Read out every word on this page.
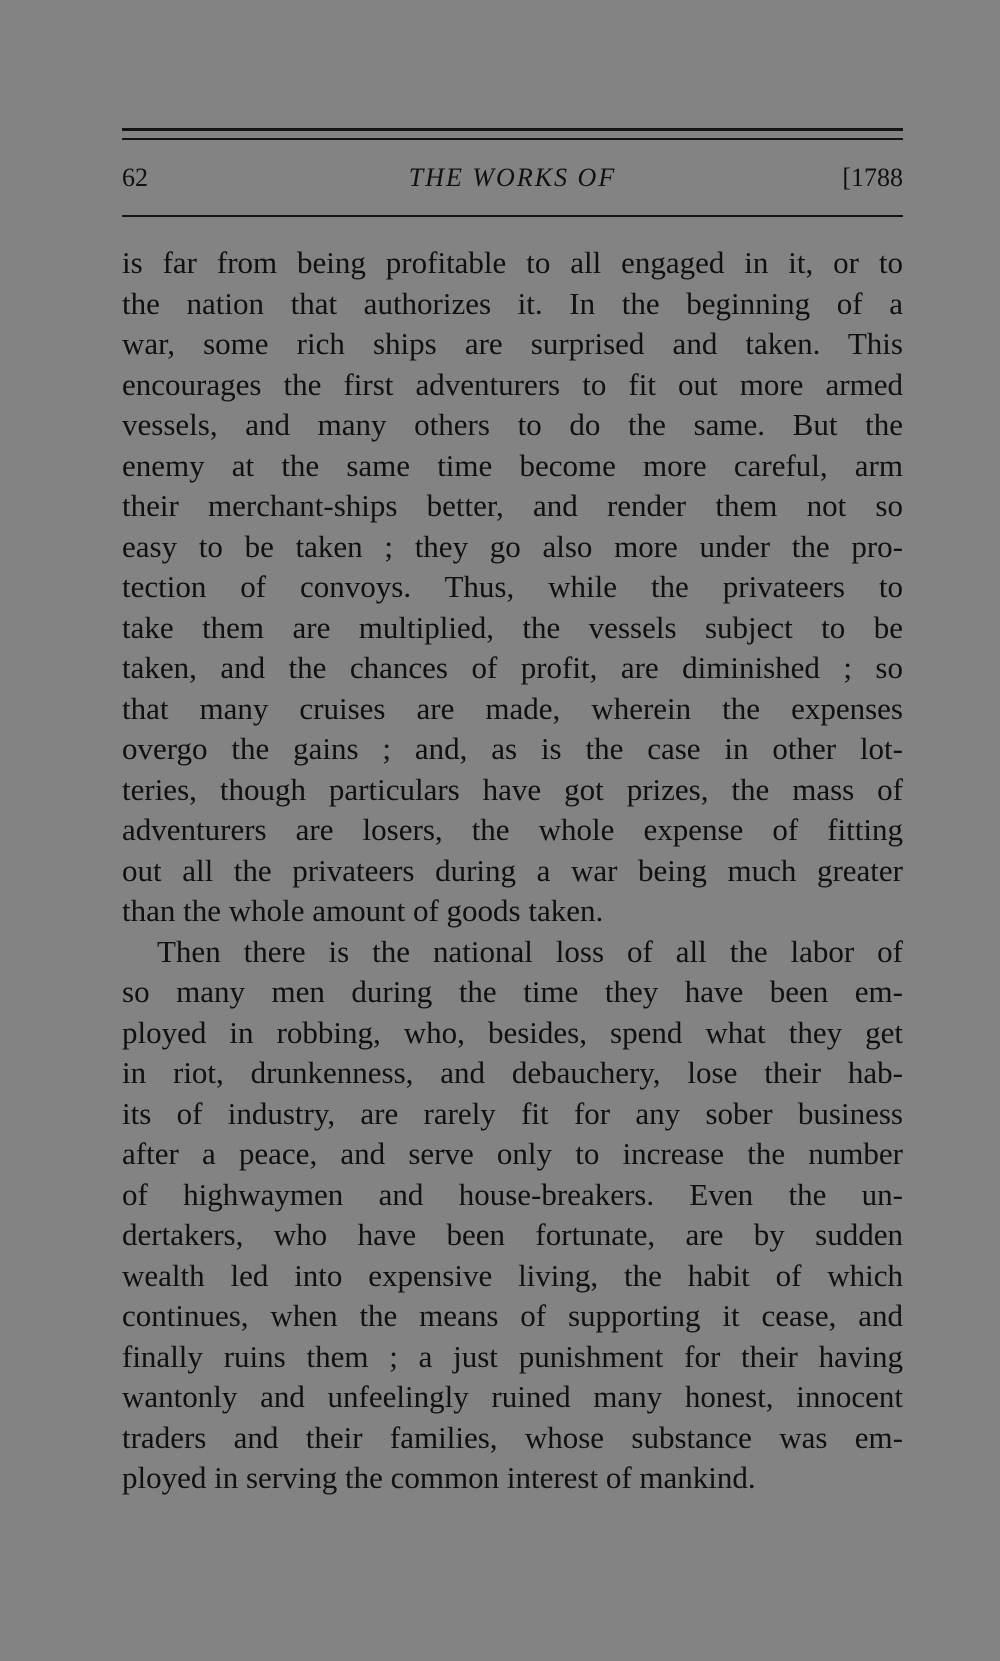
62	THE WORKS OF	[1788
is far from being profitable to all engaged in it, or to
the nation that authorizes it. In the beginning of a
war, some rich ships are surprised and taken. This
encourages the first adventurers to fit out more armed
vessels, and many others to do the same. But the
enemy at the same time become more careful, arm
their merchant-ships better, and render them not so
easy to be taken ; they go also more under the pro-
tection of convoys. Thus, while the privateers to
take them are multiplied, the vessels subject to be
taken, and the chances of profit, are diminished ; so
that many cruises are made, wherein the expenses
overgo the gains ; and, as is the case in other lot-
teries, though particulars have got prizes, the mass of
adventurers are losers, the whole expense of fitting
out all the privateers during a war being much greater
than the whole amount of goods taken.
Then there is the national loss of all the labor of
so many men during the time they have been em-
ployed in robbing, who, besides, spend what they get
in riot, drunkenness, and debauchery, lose their hab-
its of industry, are rarely fit for any sober business
after a peace, and serve only to increase the number
of highwaymen and house-breakers. Even the un-
dertakers, who have been fortunate, are by sudden
wealth led into expensive living, the habit of which
continues, when the means of supporting it cease, and
finally ruins them ; a just punishment for their having
wantonly and unfeelingly ruined many honest, innocent
traders and their families, whose substance was em-
ployed in serving the common interest of mankind.
